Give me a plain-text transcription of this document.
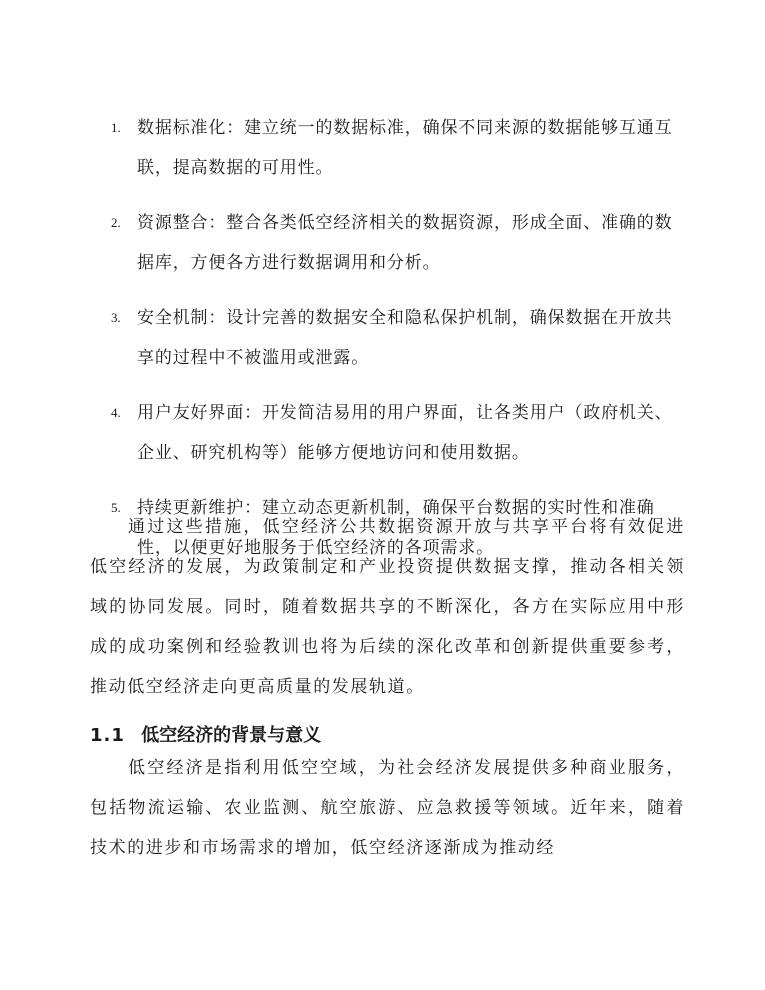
1. 数据标准化：建立统一的数据标准，确保不同来源的数据能够互通互联，提高数据的可用性。
2. 资源整合：整合各类低空经济相关的数据资源，形成全面、准确的数据库，方便各方进行数据调用和分析。
3. 安全机制：设计完善的数据安全和隐私保护机制，确保数据在开放共享的过程中不被滥用或泄露。
4. 用户友好界面：开发简洁易用的用户界面，让各类用户（政府机关、企业、研究机构等）能够方便地访问和使用数据。
5. 持续更新维护：建立动态更新机制，确保平台数据的实时性和准确性，以便更好地服务于低空经济的各项需求。

通过这些措施，低空经济公共数据资源开放与共享平台将有效促进低空经济的发展，为政策制定和产业投资提供数据支撑，推动各相关领域的协同发展。同时，随着数据共享的不断深化，各方在实际应用中形成的成功案例和经验教训也将为后续的深化改革和创新提供重要参考，推动低空经济走向更高质量的发展轨道。

1.1 低空经济的背景与意义

低空经济是指利用低空空域，为社会经济发展提供多种商业服务，包括物流运输、农业监测、航空旅游、应急救援等领域。近年来，随着技术的进步和市场需求的增加，低空经济逐渐成为推动经
